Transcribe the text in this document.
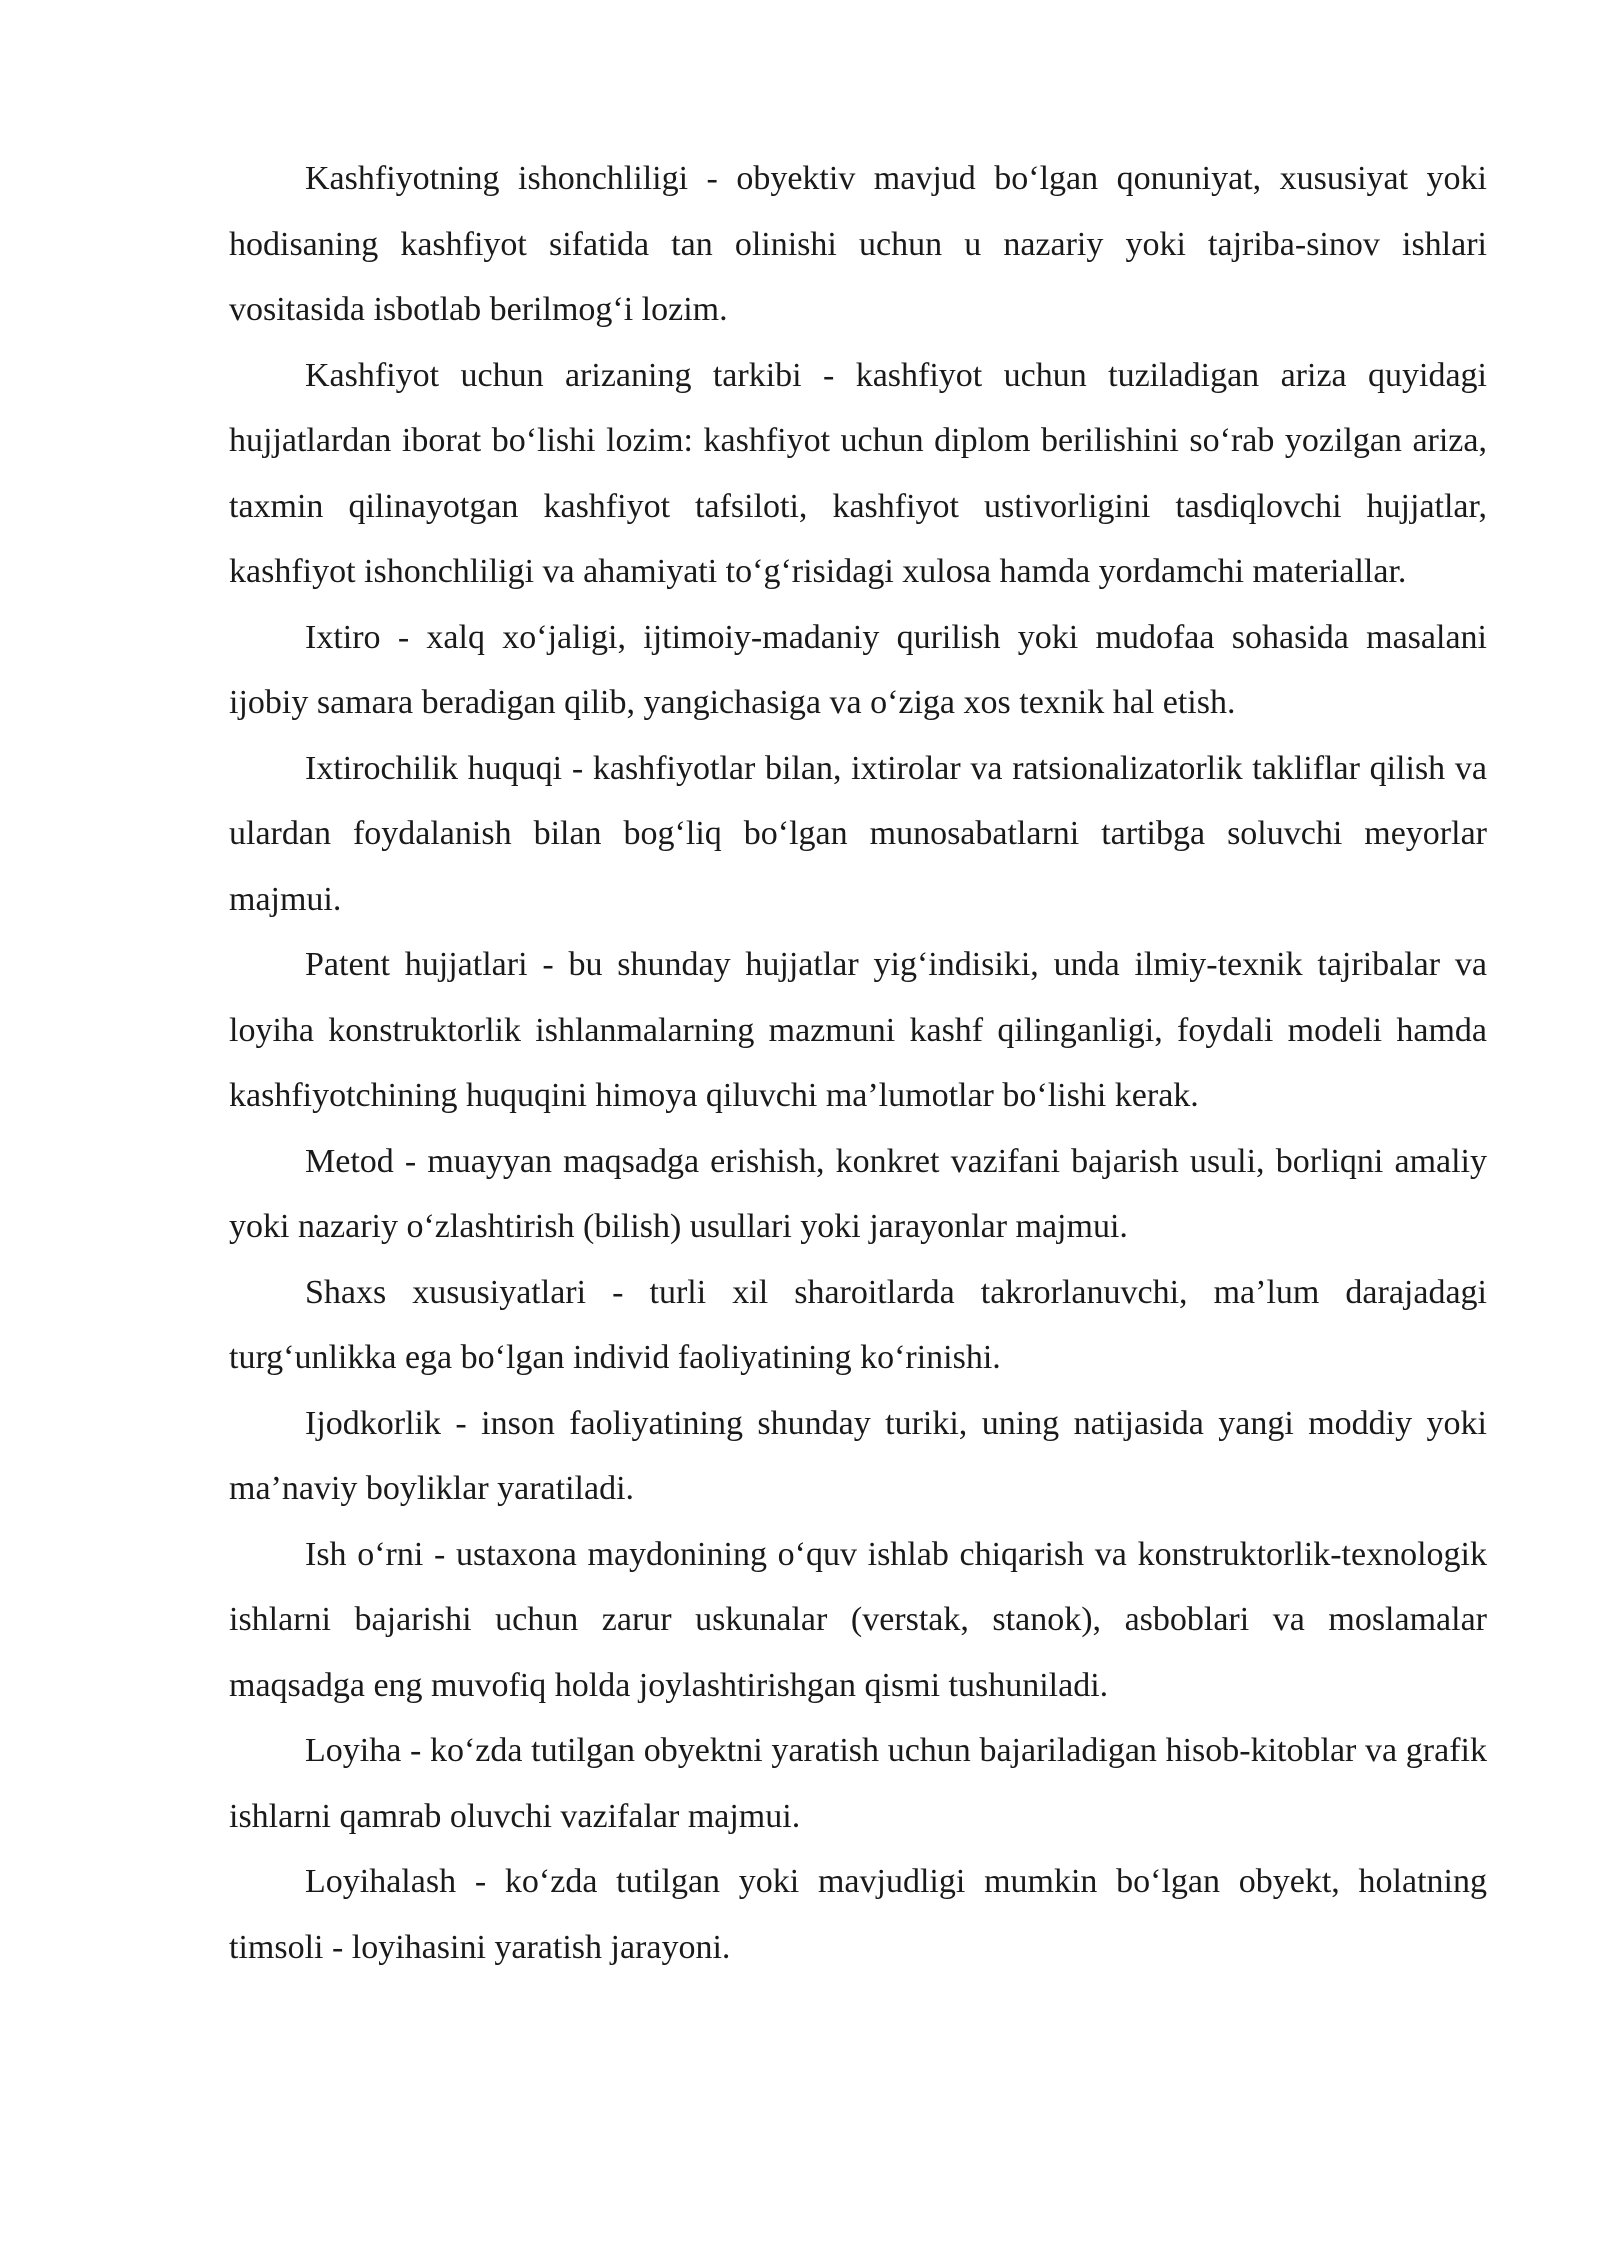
Kashfiyotning ishonchliligi - obyektiv mavjud bo‘lgan qonuniyat, xususiyat yoki hodisaning kashfiyot sifatida tan olinishi uchun u nazariy yoki tajriba-sinov ishlari vositasida isbotlab berilmog‘i lozim.

Kashfiyot uchun arizaning tarkibi - kashfiyot uchun tuziladigan ariza quyidagi hujjatlardan iborat bo‘lishi lozim: kashfiyot uchun diplom berilishini so‘rab yozilgan ariza, taxmin qilinayotgan kashfiyot tafsiloti, kashfiyot ustivorligini tasdiqlovchi hujjatlar, kashfiyot ishonchliligi va ahamiyati to‘g‘risidagi xulosa hamda yordamchi materiallar.

Ixtiro - xalq xo‘jaligi, ijtimoiy-madaniy qurilish yoki mudofaa sohasida masalani ijobiy samara beradigan qilib, yangichasiga va o‘ziga xos texnik hal etish.

Ixtirochilik huquqi - kashfiyotlar bilan, ixtirolar va ratsionalizatorlik takliflar qilish va ulardan foydalanish bilan bog‘liq bo‘lgan munosabatlarni tartibga soluvchi meyorlar majmui.

Patent hujjatlari - bu shunday hujjatlar yig‘indisiki, unda ilmiy-texnik tajribalar va loyiha konstruktorlik ishlanmalarning mazmuni kashf qilinganligi, foydali modeli hamda kashfiyotchining huquqini himoya qiluvchi ma’lumotlar bo‘lishi kerak.

Metod - muayyan maqsadga erishish, konkret vazifani bajarish usuli, borliqni amaliy yoki nazariy o‘zlashtirish (bilish) usullari yoki jarayonlar majmui.

Shaxs xususiyatlari - turli xil sharoitlarda takrorlanuvchi, ma’lum darajadagi turg‘unlikka ega bo‘lgan individ faoliyatining ko‘rinishi.

Ijodkorlik - inson faoliyatining shunday turiki, uning natijasida yangi moddiy yoki ma’naviy boyliklar yaratiladi.

Ish o‘rni - ustaxona maydonining o‘quv ishlab chiqarish va konstruktorlik-texnologik ishlarni bajarishi uchun zarur uskunalar (verstak, stanok), asboblari va moslamalar maqsadga eng muvofiq holda joylashtirishgan qismi tushuniladi.

Loyiha - ko‘zda tutilgan obyektni yaratish uchun bajariladigan hisob-kitoblar va grafik ishlarni qamrab oluvchi vazifalar majmui.

Loyihalash - ko‘zda tutilgan yoki mavjudligi mumkin bo‘lgan obyekt, holatning timsoli - loyihasini yaratish jarayoni.
